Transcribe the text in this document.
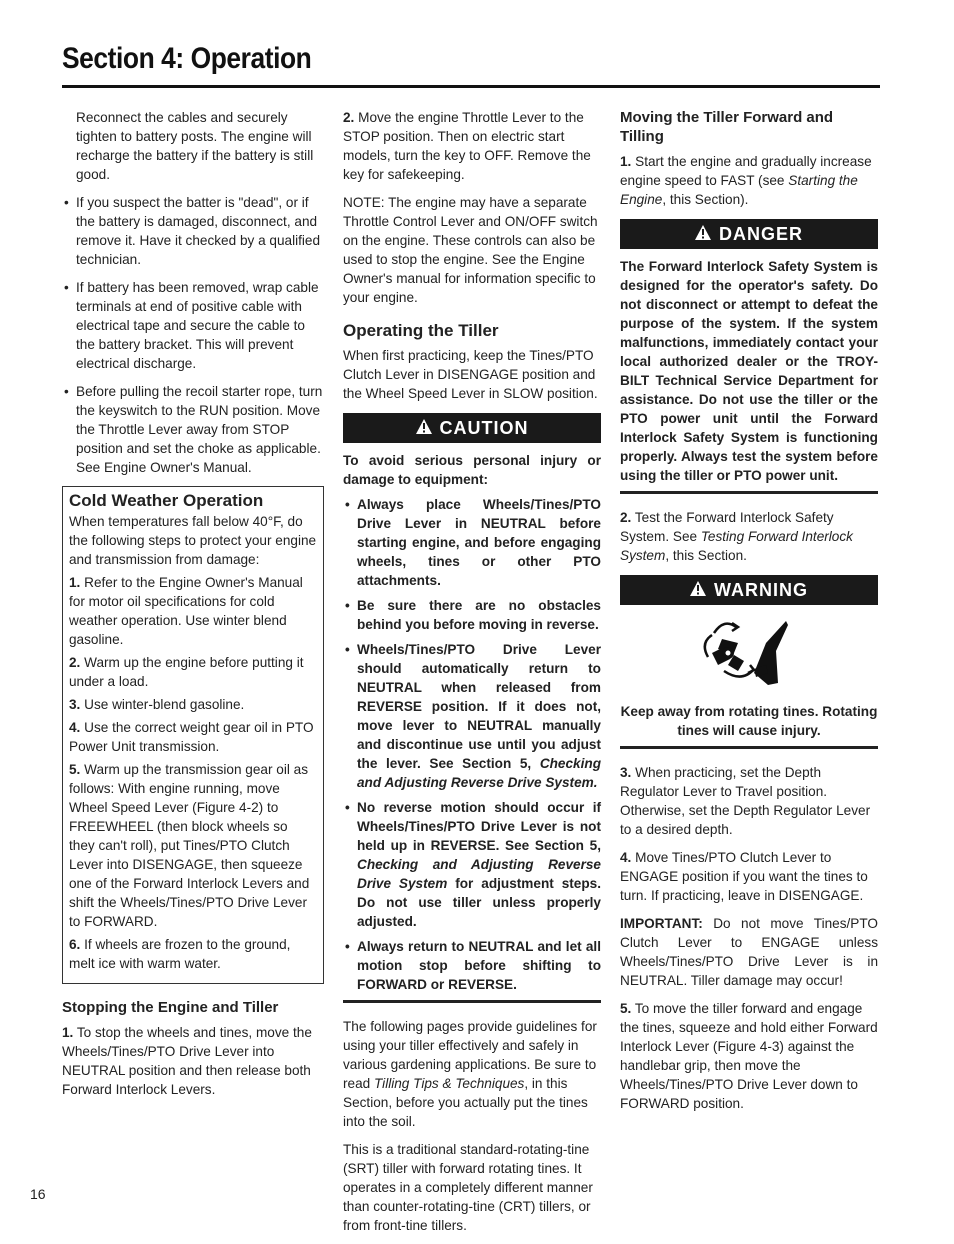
Section 4: Operation

Reconnect the cables and securely tighten to battery posts. The engine will recharge the battery if the battery is still good.

• If you suspect the batter is "dead", or if the battery is damaged, disconnect, and remove it. Have it checked by a qualified technician.

• If battery has been removed, wrap cable terminals at end of positive cable with electrical tape and secure the cable to the battery bracket. This will prevent electrical discharge.

• Before pulling the recoil starter rope, turn the keyswitch to the RUN position. Move the Throttle Lever away from STOP position and set the choke as applicable. See Engine Owner's Manual.

Cold Weather Operation

When temperatures fall below 40°F, do the following steps to protect your engine and transmission from damage:

1. Refer to the Engine Owner's Manual for motor oil specifications for cold weather operation. Use winter blend gasoline.

2. Warm up the engine before putting it under a load.

3. Use winter-blend gasoline.

4. Use the correct weight gear oil in PTO Power Unit transmission.

5. Warm up the transmission gear oil as follows: With engine running, move Wheel Speed Lever (Figure 4-2) to FREEWHEEL (then block wheels so they can't roll), put Tines/PTO Clutch Lever into DISENGAGE, then squeeze one of the Forward Interlock Levers and shift the Wheels/Tines/PTO Drive Lever to FORWARD.

6. If wheels are frozen to the ground, melt ice with warm water.

Stopping the Engine and Tiller

1. To stop the wheels and tines, move the Wheels/Tines/PTO Drive Lever into NEUTRAL position and then release both Forward Interlock Levers.

2. Move the engine Throttle Lever to the STOP position. Then on electric start models, turn the key to OFF. Remove the key for safekeeping.

NOTE: The engine may have a separate Throttle Control Lever and ON/OFF switch on the engine. These controls can also be used to stop the engine. See the Engine Owner's manual for information specific to your engine.

Operating the Tiller

When first practicing, keep the Tines/PTO Clutch Lever in DISENGAGE position and the Wheel Speed Lever in SLOW position.

CAUTION

To avoid serious personal injury or damage to equipment:

• Always place Wheels/Tines/PTO Drive Lever in NEUTRAL before starting engine, and before engaging wheels, tines or other PTO attachments.

• Be sure there are no obstacles behind you before moving in reverse.

• Wheels/Tines/PTO Drive Lever should automatically return to NEUTRAL when released from REVERSE position. If it does not, move lever to NEUTRAL manually and discontinue use until you adjust the lever. See Section 5, Checking and Adjusting Reverse Drive System.

• No reverse motion should occur if Wheels/Tines/PTO Drive Lever is not held up in REVERSE. See Section 5, Checking and Adjusting Reverse Drive System for adjustment steps. Do not use tiller unless properly adjusted.

• Always return to NEUTRAL and let all motion stop before shifting to FORWARD or REVERSE.

The following pages provide guidelines for using your tiller effectively and safely in various gardening applications. Be sure to read Tilling Tips & Techniques, in this Section, before you actually put the tines into the soil.

This is a traditional standard-rotating-tine (SRT) tiller with forward rotating tines. It operates in a completely different manner than counter-rotating-tine (CRT) tillers, or from front-tine tillers.

Moving the Tiller Forward and Tilling

1. Start the engine and gradually increase engine speed to FAST (see Starting the Engine, this Section).

DANGER

The Forward Interlock Safety System is designed for the operator's safety. Do not disconnect or attempt to defeat the purpose of the system. If the system malfunctions, immediately contact your local authorized dealer or the TROY-BILT Technical Service Department for assistance. Do not use the tiller or the PTO power unit until the Forward Interlock Safety System is functioning properly. Always test the system before using the tiller or PTO power unit.

2. Test the Forward Interlock Safety System. See Testing Forward Interlock System, this Section.

WARNING

Keep away from rotating tines. Rotating tines will cause injury.

3. When practicing, set the Depth Regulator Lever to Travel position. Otherwise, set the Depth Regulator Lever to a desired depth.

4. Move Tines/PTO Clutch Lever to ENGAGE position if you want the tines to turn. If practicing, leave in DISENGAGE.

IMPORTANT: Do not move Tines/PTO Clutch Lever to ENGAGE unless Wheels/Tines/PTO Drive Lever is in NEUTRAL. Tiller damage may occur!

5. To move the tiller forward and engage the tines, squeeze and hold either Forward Interlock Lever (Figure 4-3) against the handlebar grip, then move the Wheels/Tines/PTO Drive Lever down to FORWARD position.

16
